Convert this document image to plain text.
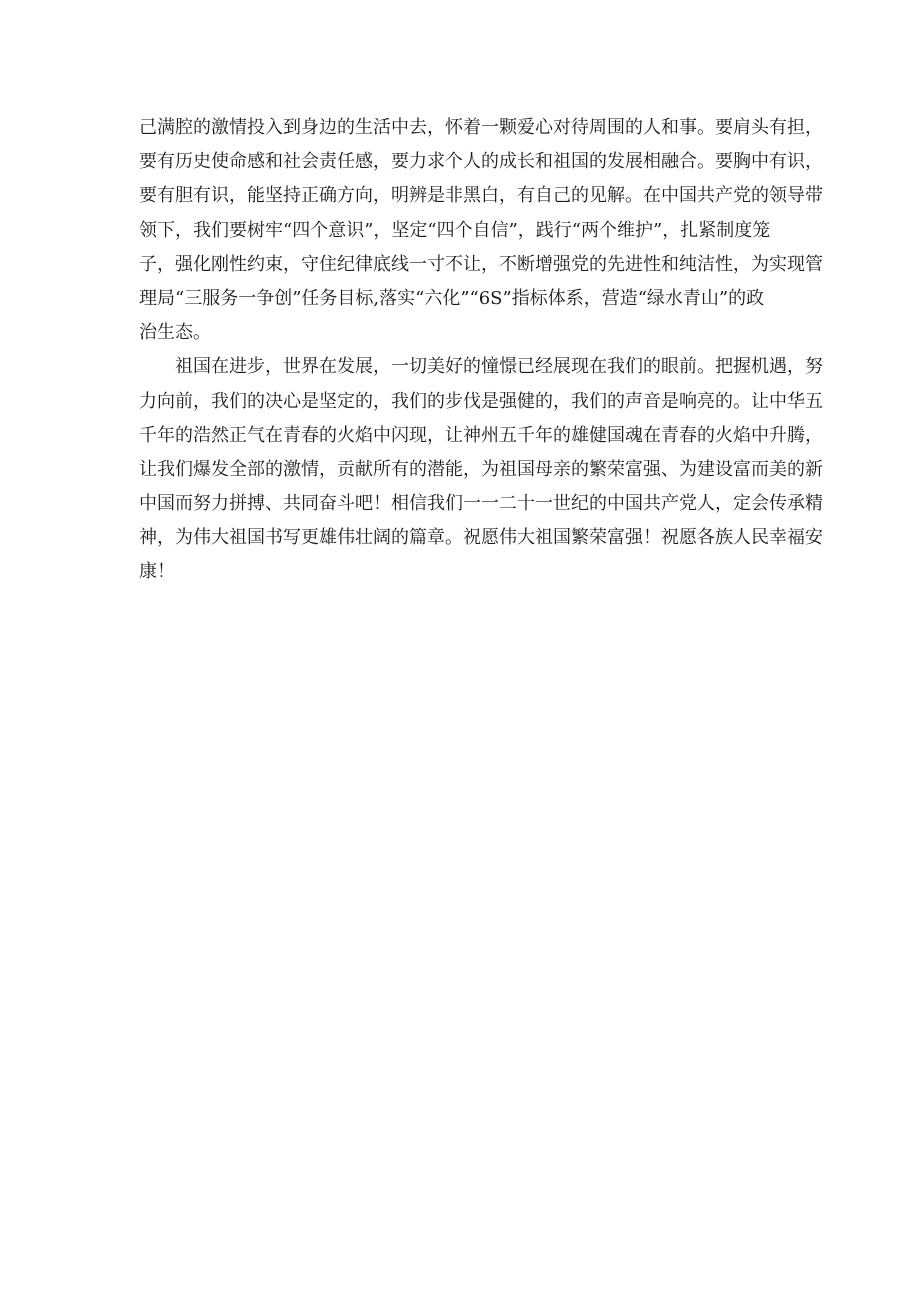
己满腔的激情投入到身边的生活中去，怀着一颗爱心对待周围的人和事。要肩头有担，
要有历史使命感和社会责任感，要力求个人的成长和祖国的发展相融合。要胸中有识，
要有胆有识，能坚持正确方向，明辨是非黑白，有自己的见解。在中国共产党的领导带
领下，我们要树牢“四个意识”，坚定“四个自信”，践行“两个维护”，扎紧制度笼
子，强化刚性约束，守住纪律底线一寸不让，不断增强党的先进性和纯洁性，为实现管
理局“三服务一争创”任务目标,落实“六化”“6S”指标体系，营造“绿水青山”的政
治生态。
祖国在进步，世界在发展，一切美好的憧憬已经展现在我们的眼前。把握机遇，努
力向前，我们的决心是坚定的，我们的步伐是强健的，我们的声音是响亮的。让中华五
千年的浩然正气在青春的火焰中闪现，让神州五千年的雄健国魂在青春的火焰中升腾，
让我们爆发全部的激情，贡献所有的潜能，为祖国母亲的繁荣富强、为建设富而美的新
中国而努力拼搏、共同奋斗吧！相信我们一一二十一世纪的中国共产党人，定会传承精
神，为伟大祖国书写更雄伟壮阔的篇章。祝愿伟大祖国繁荣富强！祝愿各族人民幸福安
康！
